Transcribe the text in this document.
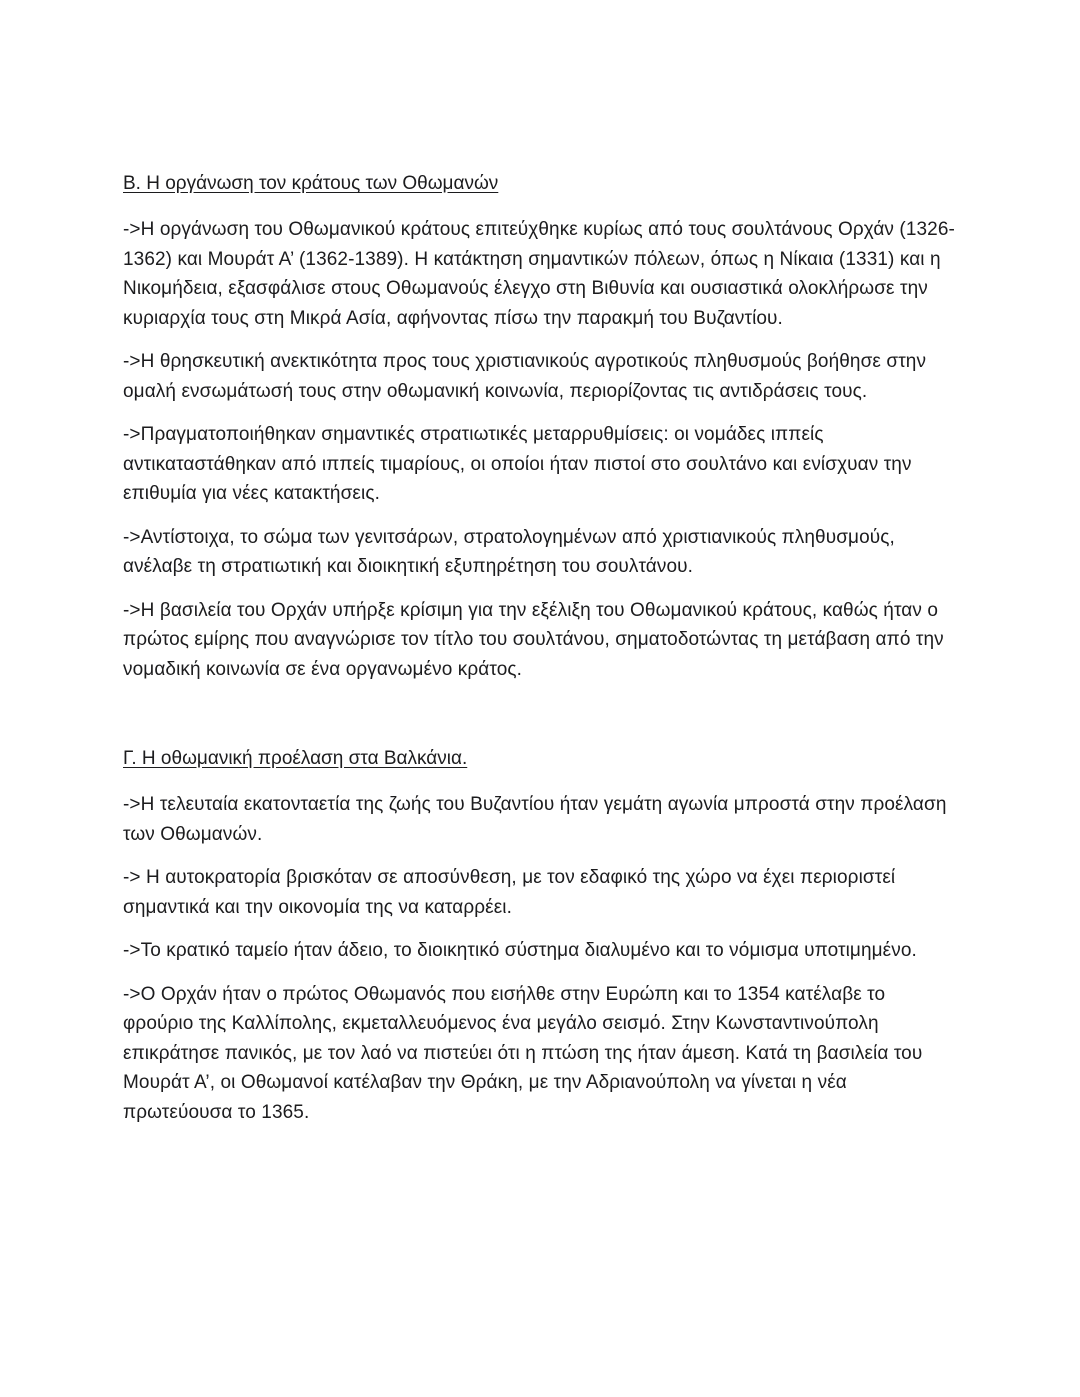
Β. Η οργάνωση τον κράτους των Οθωμανών

->Η οργάνωση του Οθωμανικού κράτους επιτεύχθηκε κυρίως από τους σουλτάνους Ορχάν (1326-1362) και Μουράτ Α’ (1362-1389). Η κατάκτηση σημαντικών πόλεων, όπως η Νίκαια (1331) και η Νικομήδεια, εξασφάλισε στους Οθωμανούς έλεγχο στη Βιθυνία και ουσιαστικά ολοκλήρωσε την κυριαρχία τους στη Μικρά Ασία, αφήνοντας πίσω την παρακμή του Βυζαντίου.

->Η θρησκευτική ανεκτικότητα προς τους χριστιανικούς αγροτικούς πληθυσμούς βοήθησε στην ομαλή ενσωμάτωσή τους στην οθωμανική κοινωνία, περιορίζοντας τις αντιδράσεις τους.

->Πραγματοποιήθηκαν σημαντικές στρατιωτικές μεταρρυθμίσεις: οι νομάδες ιππείς αντικαταστάθηκαν από ιππείς τιμαρίους, οι οποίοι ήταν πιστοί στο σουλτάνο και ενίσχυαν την επιθυμία για νέες κατακτήσεις.

->Αντίστοιχα, το σώμα των γενιτσάρων, στρατολογημένων από χριστιανικούς πληθυσμούς, ανέλαβε τη στρατιωτική και διοικητική εξυπηρέτηση του σουλτάνου.

->Η βασιλεία του Ορχάν υπήρξε κρίσιμη για την εξέλιξη του Οθωμανικού κράτους, καθώς ήταν ο πρώτος εμίρης που αναγνώρισε τον τίτλο του σουλτάνου, σηματοδοτώντας τη μετάβαση από την νομαδική κοινωνία σε ένα οργανωμένο κράτος.

Γ. Η οθωμανική προέλαση στα Βαλκάνια.

->Η τελευταία εκατονταετία της ζωής του Βυζαντίου ήταν γεμάτη αγωνία μπροστά στην προέλαση των Οθωμανών.

-> Η αυτοκρατορία βρισκόταν σε αποσύνθεση, με τον εδαφικό της χώρο να έχει περιοριστεί σημαντικά και την οικονομία της να καταρρέει.

->Το κρατικό ταμείο ήταν άδειο, το διοικητικό σύστημα διαλυμένο και το νόμισμα υποτιμημένο.

->Ο Ορχάν ήταν ο πρώτος Οθωμανός που εισήλθε στην Ευρώπη και το 1354 κατέλαβε το φρούριο της Καλλίπολης, εκμεταλλευόμενος ένα μεγάλο σεισμό. Στην Κωνσταντινούπολη επικράτησε πανικός, με τον λαό να πιστεύει ότι η πτώση της ήταν άμεση. Κατά τη βασιλεία του Μουράτ Α’, οι Οθωμανοί κατέλαβαν την Θράκη, με την Αδριανούπολη να γίνεται η νέα πρωτεύουσα το 1365.
